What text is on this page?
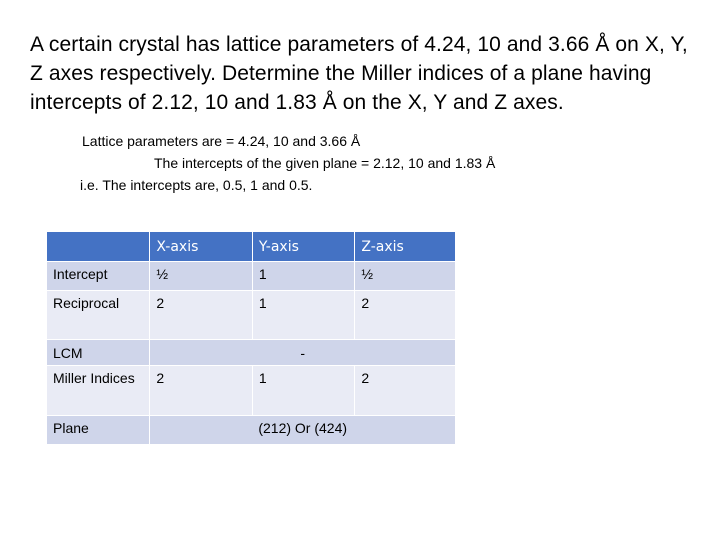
A certain crystal has lattice parameters of 4.24, 10 and 3.66 Å on X, Y, Z axes respectively. Determine the Miller indices of a plane having intercepts of 2.12, 10 and 1.83 Å on the X, Y and Z axes.
Lattice parameters are = 4.24, 10 and 3.66 Å
The intercepts of the given plane = 2.12, 10 and 1.83 Å
i.e. The intercepts are, 0.5, 1 and 0.5.
	X-axis	Y-axis	Z-axis
Intercept	½	1	½
Reciprocal	2	1	2
LCM	-		
Miller Indices	2	1	2
Plane	(212) Or (424)		
